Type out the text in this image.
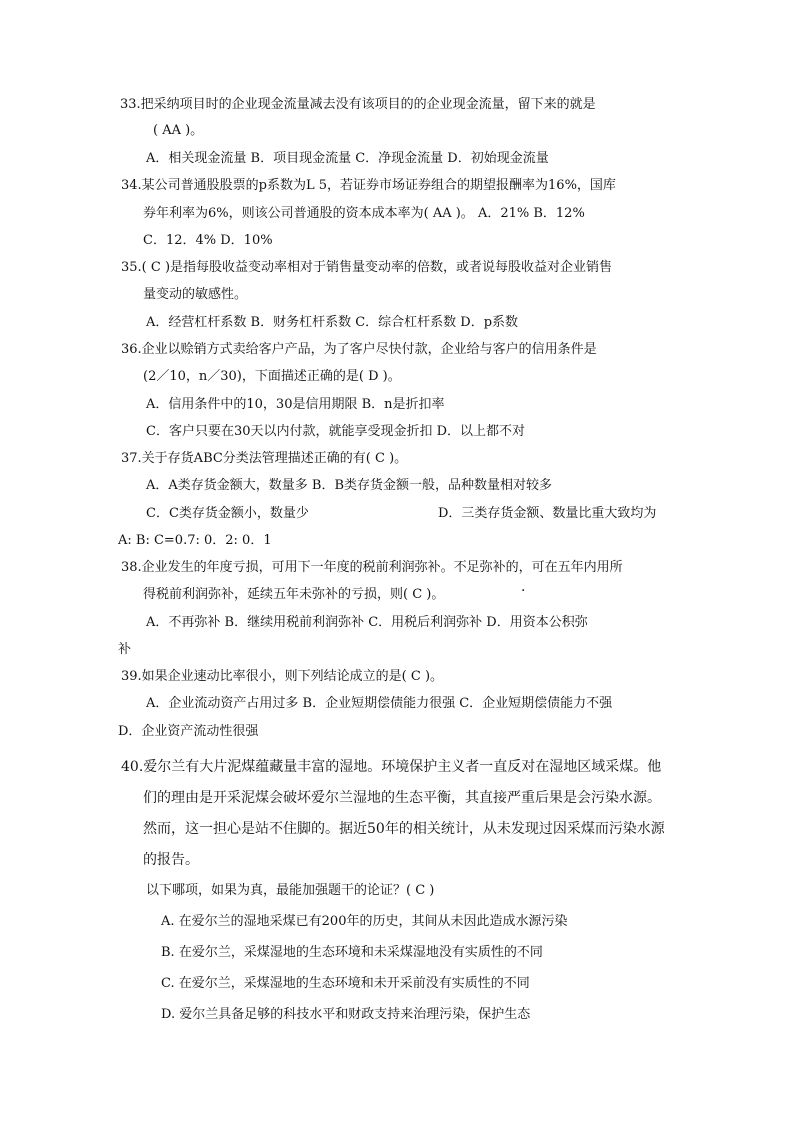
33.把采纳项目时的企业现金流量减去没有该项目的的企业现金流量，留下来的就是
( AA )。
A．相关现金流量 B．项目现金流量 C．净现金流量 D．初始现金流量
34.某公司普通股股票的p系数为L 5，若证券市场证券组合的期望报酬率为16%，国库
券年利率为6%，则该公司普通股的资本成本率为( AA )。 A．21% B．12%
C．12．4% D．10%
35.( C )是指每股收益变动率相对于销售量变动率的倍数，或者说每股收益对企业销售
量变动的敏感性。
A．经营杠杆系数 B．财务杠杆系数 C．综合杠杆系数 D．p系数
36.企业以赊销方式卖给客户产品，为了客户尽快付款，企业给与客户的信用条件是
(2／10，n／30)，下面描述正确的是( D )。
A．信用条件中的10，30是信用期限 B．n是折扣率
C．客户只要在30天以内付款，就能享受现金折扣 D．以上都不对
37.关于存货ABC分类法管理描述正确的有( C )。
A．A类存货金额大，数量多 B．B类存货金额一般，品种数量相对较多
C．C类存货金额小，数量少	D．三类存货金额、数量比重大致均为
A: B: C=0.7: 0．2: 0．1
38.企业发生的年度亏损，可用下一年度的税前利润弥补。不足弥补的，可在五年内用所
得税前利润弥补，延续五年未弥补的亏损，则( C )。	·
A．不再弥补 B．继续用税前利润弥补 C．用税后利润弥补 D．用资本公积弥
补
39.如果企业速动比率很小，则下列结论成立的是( C )。
A．企业流动资产占用过多 B．企业短期偿债能力很强 C．企业短期偿债能力不强
D．企业资产流动性很强
40.爱尔兰有大片泥煤蕴藏量丰富的湿地。环境保护主义者一直反对在湿地区域采煤。他
们的理由是开采泥煤会破坏爱尔兰湿地的生态平衡，其直接严重后果是会污染水源。
然而，这一担心是站不住脚的。据近50年的相关统计，从未发现过因采煤而污染水源
的报告。
以下哪项，如果为真，最能加强题干的论证？( C )
A. 在爱尔兰的湿地采煤已有200年的历史，其间从未因此造成水源污染
B. 在爱尔兰，采煤湿地的生态环境和未采煤湿地没有实质性的不同
C. 在爱尔兰，采煤湿地的生态环境和未开采前没有实质性的不同
D. 爱尔兰具备足够的科技水平和财政支持来治理污染，保护生态
